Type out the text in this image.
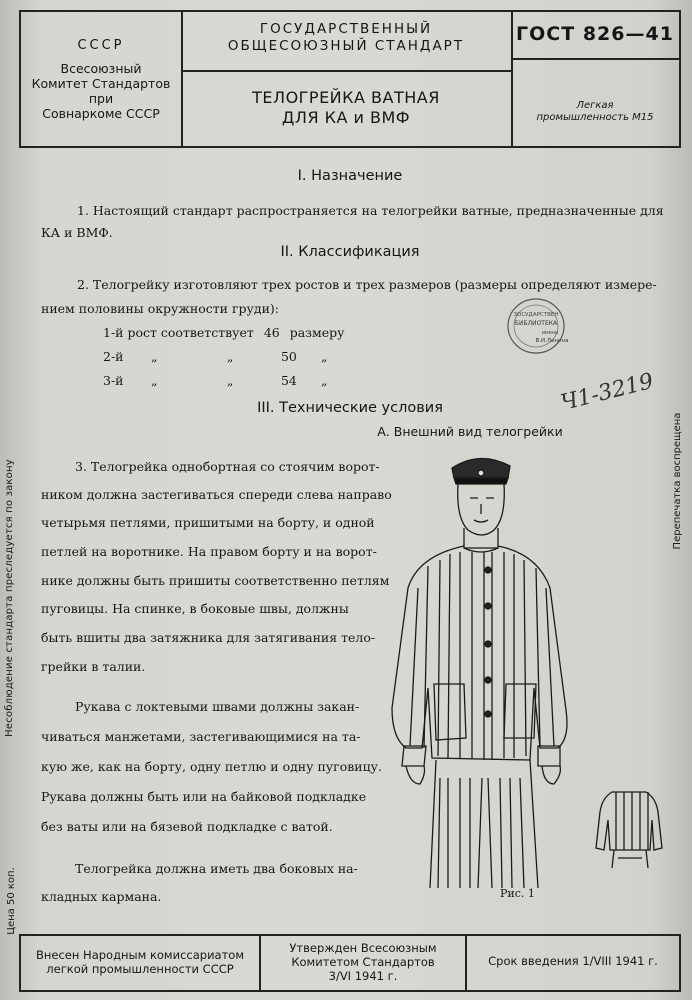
Несоблюдение стандарта преследуется по закону
Цена 50 коп.
Перепечатка воспрещена
СССР
Всесоюзный
Комитет Стандартов
при
Совнаркоме СССР
ГОСУДАРСТВЕННЫЙ
ОБЩЕСОЮЗНЫЙ СТАНДАРТ
ТЕЛОГРЕЙКА ВАТНАЯ
ДЛЯ КА и ВМФ
ГОСТ 826—41
Легкая
промышленность М15
I. Назначение
1. Настоящий стандарт распространяется на телогрейки ватные, предназначенные для
КА и ВМФ.
II. Классификация
2. Телогрейку изготовляют трех ростов и трех размеров (размеры определяют измере-
нием половины окружности груди):
1-й рост соответствует 46 размеру
2-й „	„	50 „
3-й „	„	54 „
III. Технические условия
А. Внешний вид телогрейки
3. Телогрейка однобортная со стоячим ворот-
ником должна застегиваться спереди слева направо
четырьмя петлями, пришитыми на борту, и одной
петлей на воротнике. На правом борту и на ворот-
нике должны быть пришиты соответственно петлям
пуговицы. На спинке, в боковые швы, должны
быть вшиты два затяжника для затягивания тело-
грейки в талии.
Рукава с локтевыми швами должны закан-
чиваться манжетами, застегивающимися на та-
кую же, как на борту, одну петлю и одну пуговицу.
Рукава должны быть или на байковой подкладке
без ваты или на бязевой подкладке с ватой.
Телогрейка должна иметь два боковых на-
кладных кармана.
ЗОСУДАРСТВЕН
БИБЛИОТЕКА
имени
В.И.Ленина
Ч1-3219
Рис. 1
Внесен Народным комиссариатом
легкой промышленности СССР
Утвержден Всесоюзным
Комитетом Стандартов
3/VI 1941 г.
Срок введения 1/VIII 1941 г.
